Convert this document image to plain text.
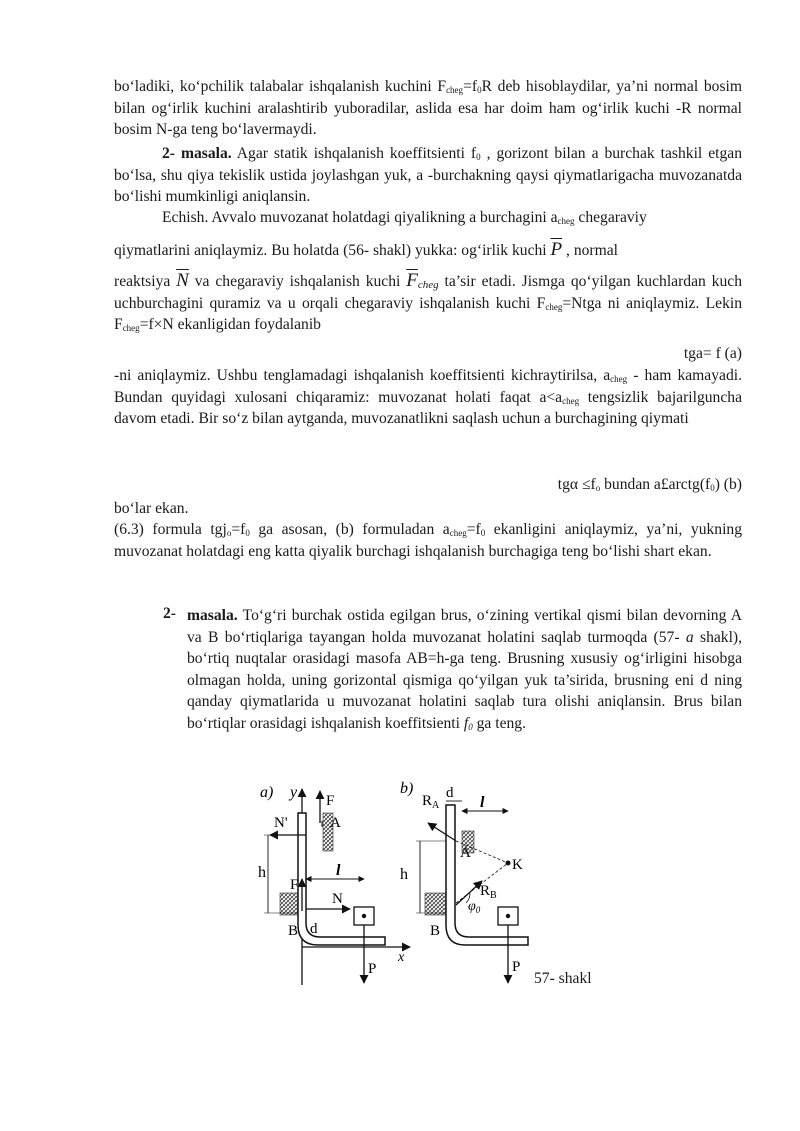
bo‘ladiki, ko‘pchilik talabalar ishqalanish kuchini $F_{cheg}=f_0R$ deb hisoblaydilar, ya’ni normal bosim bilan og‘irlik kuchini aralashtirib yuboradilar, aslida esa har doim ham og‘irlik kuchi -R normal bosim N-ga teng bo‘lavermaydi.

2- masala. Agar statik ishqalanish koeffitsienti $f_0$ , gorizont bilan a burchak tashkil etgan bo‘lsa, shu qiya tekislik ustida joylashgan yuk, a -burchakning qaysi qiymatlarigacha muvozanatda bo‘lishi mumkinligi aniqlansin.

Echish. Avvalo muvozanat holatdagi qiyalikning a burchagini $a_{cheg}$ chegaraviy

qiymatlarini aniqlaymiz. Bu holatda (56- shakl) yukka: og‘irlik kuchi $\overline{P}$ , normal

reaktsiya $\overline{N}$ va chegaraviy ishqalanish kuchi $\overline{F}_{cheg}$ ta’sir etadi. Jismga qo‘yilgan kuchlardan kuch uchburchagini quramiz va u orqali chegaraviy ishqalanish kuchi $F_{cheg}=Ntga$ ni aniqlaymiz. Lekin $F_{cheg}=f\times N$ ekanligidan foydalanib

tga= f (a)

-ni aniqlaymiz. Ushbu tenglamadagi ishqalanish koeffitsienti kichraytirilsa, $a_{cheg}$ - ham kamayadi. Bundan quyidagi xulosani chiqaramiz: muvozanat holati faqat $a<a_{cheg}$ tengsizlik bajarilguncha davom etadi. Bir so‘z bilan aytganda, muvozanatlikni saqlash uchun a burchagining qiymati

$tg\alpha \le f_o$ bundan $a£arctg(f_0)$ (b)

bo‘lar ekan.

(6.3) formula $tgj_o=f_0$ ga asosan, (b) formuladan $a_{cheg}=f_0$ ekanligini aniqlaymiz, ya’ni, yukning muvozanat holatdagi eng katta qiyalik burchagi ishqalanish burchagiga teng bo‘lishi shart ekan.

2- masala. To‘g‘ri burchak ostida egilgan brus, o‘zining vertikal qismi bilan devorning A va B bo‘rtiqlariga tayangan holda muvozanat holatini saqlab turmoqda (57- a shakl), bo‘rtiq nuqtalar orasidagi masofa AB=h-ga teng. Brusning xususiy og‘irligini hisobga olmagan holda, uning gorizontal qismiga qo‘yilgan yuk ta’sirida, brusning eni d ning qanday qiymatlarida u muvozanat holatini saqlab tura olishi aniqlansin. Brus bilan bo‘rtiqlar orasidagi ishqalanish koeffitsienti $f_0$ ga teng.

a) y
x
F
N'	A
h
F
l
N
d
B
P
b) d
l
$R_A$
K
A
h
$R_B$
$\varphi_0$
B
P
57- shakl
